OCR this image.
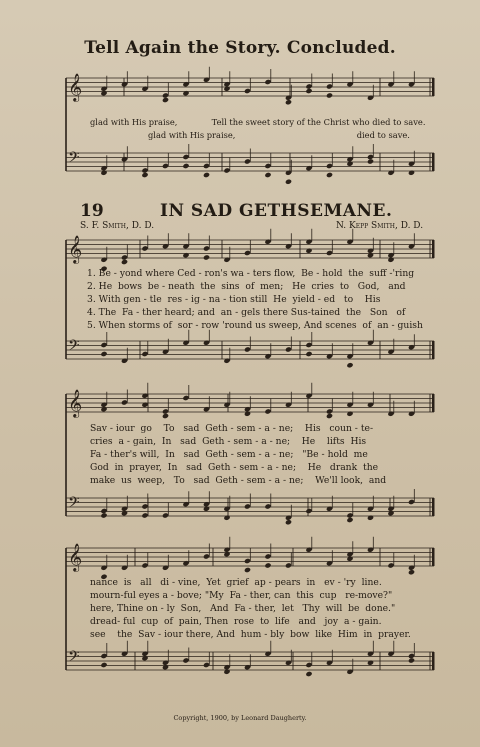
Tell Again the Story. Concluded.
𝄞
𝄢
𝄞
𝄢
𝄞
𝄢
𝄞
𝄢
glad with His praise,             Tell the sweet story of the Christ who died to save.
glad with His praise,                                              died to save.
19	IN SAD GETHSEMANE.
S. F. Smith, D. D.	N. Kepp Smith, D. D.
1. Be - yond where Ced - ron's wa - ters flow,  Be - hold  the  suff -'ring
2. He  bows  be - neath  the  sins  of  men;   He  cries  to   God,   and
3. With gen - tle  res - ig - na - tion still  He  yield - ed   to    His
4. The  Fa - ther heard; and  an - gels there Sus-tained  the   Son   of
5. When storms of  sor - row 'round us sweep, And scenes  of  an - guish
Sav - iour  go    To   sad  Geth - sem - a - ne;    His   coun - te-
cries  a - gain,  In   sad  Geth - sem - a - ne;    He    lifts  His
Fa - ther's will,  In   sad  Geth - sem - a - ne;   "Be - hold  me
God  in  prayer,  In   sad  Geth - sem - a - ne;    He   drank  the
make  us  weep,   To   sad  Geth - sem - a - ne;    We'll look,  and
nance  is   all   di - vine,  Yet  grief  ap - pears  in   ev - 'ry  line.
mourn-ful eyes a - bove; "My  Fa - ther, can  this  cup   re-move?"
here, Thine on - ly  Son,   And  Fa - ther,  let   Thy  will  be  done."
dread- ful  cup  of  pain, Then  rose  to  life   and   joy  a - gain.
see    the  Sav - iour there, And  hum - bly  bow  like  Him  in  prayer.
Copyright, 1900, by Leonard Daugherty.
